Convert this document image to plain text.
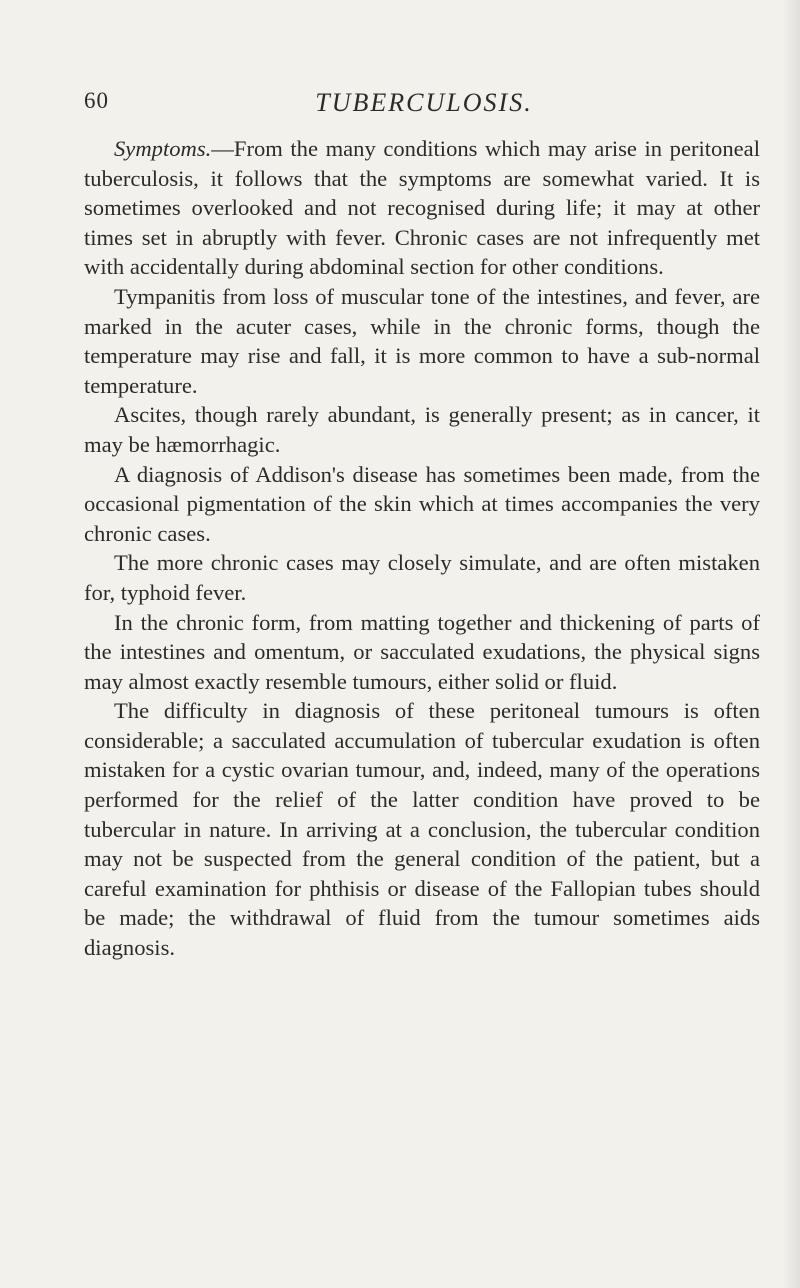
60	TUBERCULOSIS.

Symptoms.—From the many conditions which may arise in peritoneal tuberculosis, it follows that the symptoms are somewhat varied. It is sometimes overlooked and not recognised during life; it may at other times set in abruptly with fever. Chronic cases are not infrequently met with accidentally during abdominal section for other conditions.

Tympanitis from loss of muscular tone of the intestines, and fever, are marked in the acuter cases, while in the chronic forms, though the temperature may rise and fall, it is more common to have a sub-normal temperature.

Ascites, though rarely abundant, is generally present; as in cancer, it may be hæmorrhagic.

A diagnosis of Addison's disease has sometimes been made, from the occasional pigmentation of the skin which at times accompanies the very chronic cases.

The more chronic cases may closely simulate, and are often mistaken for, typhoid fever.

In the chronic form, from matting together and thickening of parts of the intestines and omentum, or sacculated exudations, the physical signs may almost exactly resemble tumours, either solid or fluid.

The difficulty in diagnosis of these peritoneal tumours is often considerable; a sacculated accumulation of tubercular exudation is often mistaken for a cystic ovarian tumour, and, indeed, many of the operations performed for the relief of the latter condition have proved to be tubercular in nature. In arriving at a conclusion, the tubercular condition may not be suspected from the general condition of the patient, but a careful examination for phthisis or disease of the Fallopian tubes should be made; the withdrawal of fluid from the tumour sometimes aids diagnosis.
